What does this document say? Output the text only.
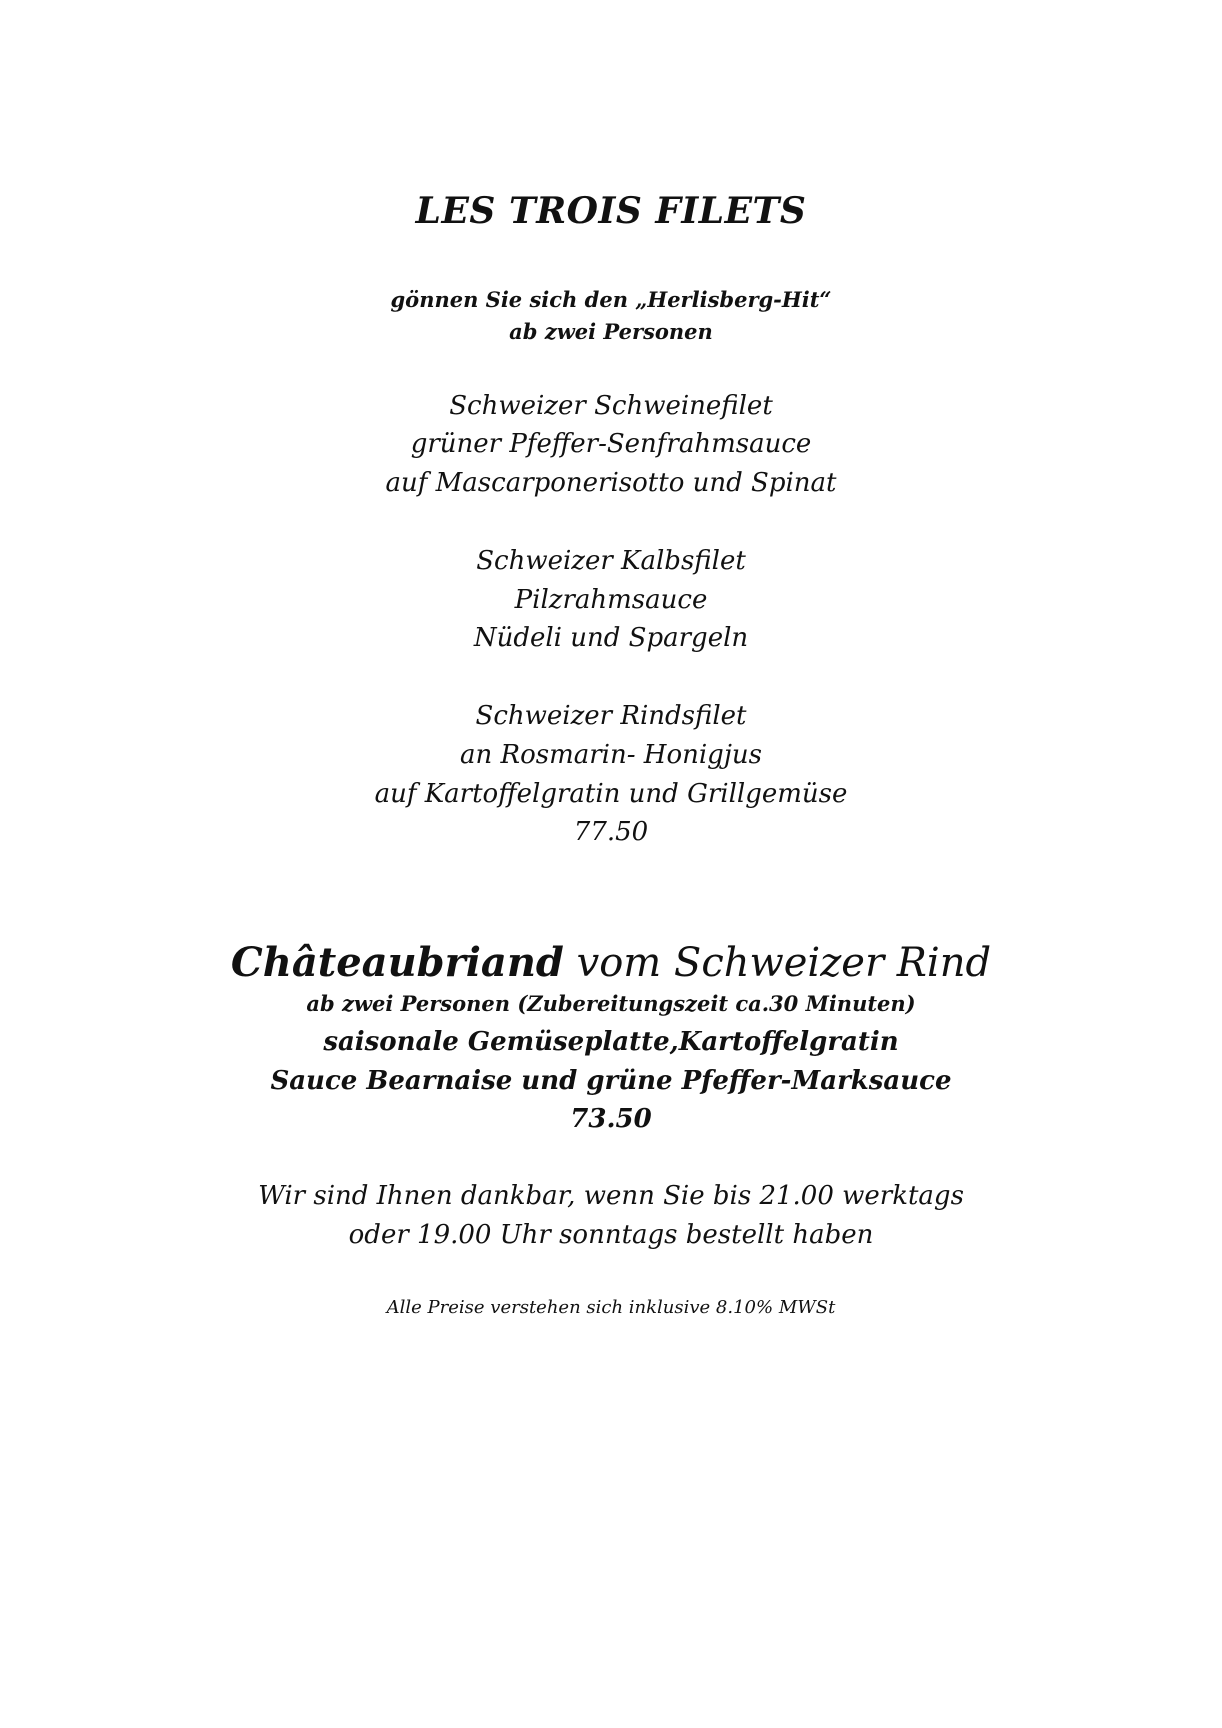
LES TROIS FILETS
gönnen Sie sich den „Herlisberg-Hit“
ab zwei Personen
Schweizer Schweinefilet
grüner Pfeffer-Senfrahmsauce
auf Mascarponerisotto und Spinat
Schweizer Kalbsfilet
Pilzrahmsauce
Nüdeli und Spargeln
Schweizer Rindsfilet
an Rosmarin- Honigjus
auf Kartoffelgratin und Grillgemüse
77.50
Châteaubriand vom Schweizer Rind
ab zwei Personen (Zubereitungszeit ca.30 Minuten)
saisonale Gemüseplatte,Kartoffelgratin
Sauce Bearnaise und grüne Pfeffer-Marksauce
73.50
Wir sind Ihnen dankbar, wenn Sie bis 21.00 werktags
oder 19.00 Uhr sonntags bestellt haben
Alle Preise verstehen sich inklusive 8.10% MWSt
